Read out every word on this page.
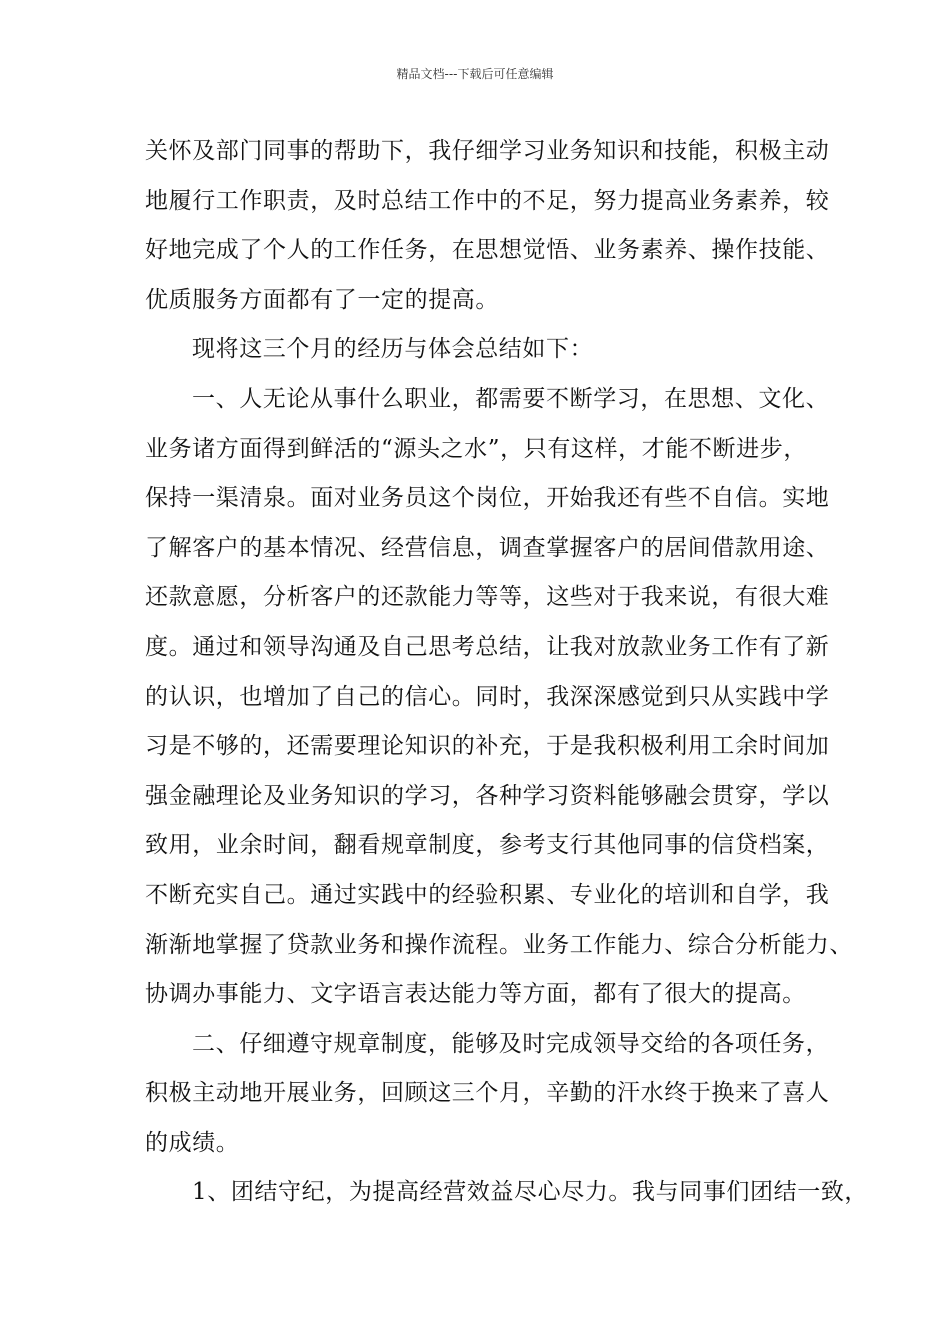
精品文档---下载后可任意编辑
关怀及部门同事的帮助下，我仔细学习业务知识和技能，积极主动
地履行工作职责，及时总结工作中的不足，努力提高业务素养，较
好地完成了个人的工作任务，在思想觉悟、业务素养、操作技能、
优质服务方面都有了一定的提高。
现将这三个月的经历与体会总结如下：
一、人无论从事什么职业，都需要不断学习，在思想、文化、
业务诸方面得到鲜活的“源头之水”，只有这样，才能不断进步，
保持一渠清泉。面对业务员这个岗位，开始我还有些不自信。实地
了解客户的基本情况、经营信息，调查掌握客户的居间借款用途、
还款意愿，分析客户的还款能力等等，这些对于我来说，有很大难
度。通过和领导沟通及自己思考总结，让我对放款业务工作有了新
的认识，也增加了自己的信心。同时，我深深感觉到只从实践中学
习是不够的，还需要理论知识的补充，于是我积极利用工余时间加
强金融理论及业务知识的学习，各种学习资料能够融会贯穿，学以
致用，业余时间，翻看规章制度，参考支行其他同事的信贷档案，
不断充实自己。通过实践中的经验积累、专业化的培训和自学，我
渐渐地掌握了贷款业务和操作流程。业务工作能力、综合分析能力、
协调办事能力、文字语言表达能力等方面，都有了很大的提高。
二、仔细遵守规章制度，能够及时完成领导交给的各项任务，
积极主动地开展业务，回顾这三个月，辛勤的汗水终于换来了喜人
的成绩。
1、团结守纪，为提高经营效益尽心尽力。我与同事们团结一致，
